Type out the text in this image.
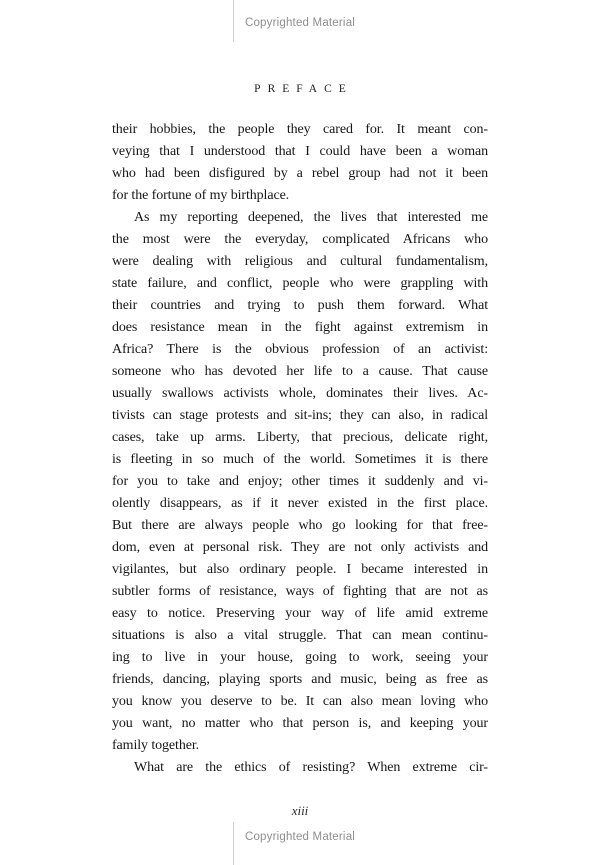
Copyrighted Material
PREFACE
their hobbies, the people they cared for. It meant con-
veying that I understood that I could have been a woman
who had been disfigured by a rebel group had not it been
for the fortune of my birthplace.
As my reporting deepened, the lives that interested me
the most were the everyday, complicated Africans who
were dealing with religious and cultural fundamentalism,
state failure, and conflict, people who were grappling with
their countries and trying to push them forward. What
does resistance mean in the fight against extremism in
Africa? There is the obvious profession of an activist:
someone who has devoted her life to a cause. That cause
usually swallows activists whole, dominates their lives. Ac-
tivists can stage protests and sit-ins; they can also, in radical
cases, take up arms. Liberty, that precious, delicate right,
is fleeting in so much of the world. Sometimes it is there
for you to take and enjoy; other times it suddenly and vi-
olently disappears, as if it never existed in the first place.
But there are always people who go looking for that free-
dom, even at personal risk. They are not only activists and
vigilantes, but also ordinary people. I became interested in
subtler forms of resistance, ways of fighting that are not as
easy to notice. Preserving your way of life amid extreme
situations is also a vital struggle. That can mean continu-
ing to live in your house, going to work, seeing your
friends, dancing, playing sports and music, being as free as
you know you deserve to be. It can also mean loving who
you want, no matter who that person is, and keeping your
family together.
What are the ethics of resisting? When extreme cir-
xiii
Copyrighted Material
